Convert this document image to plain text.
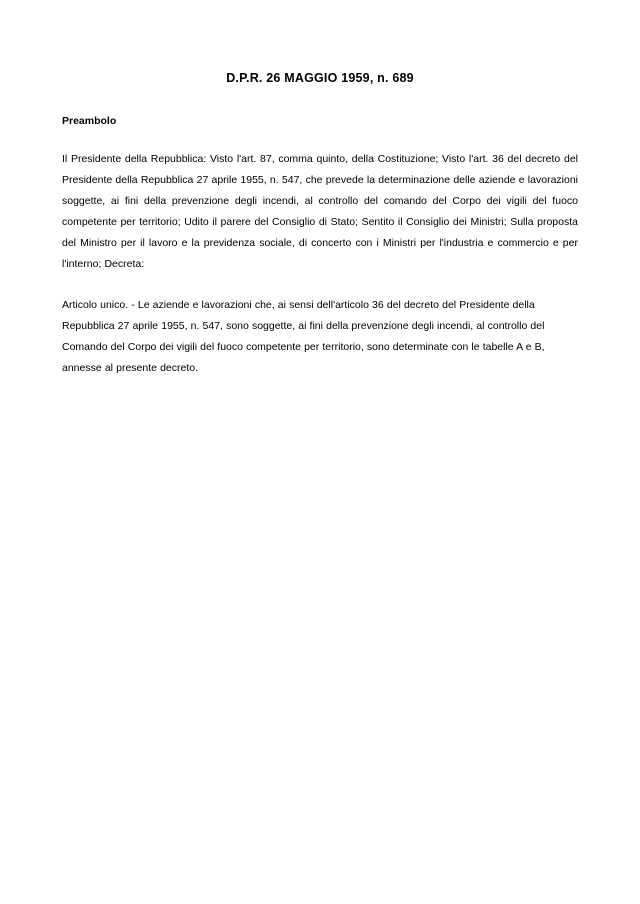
D.P.R. 26 MAGGIO 1959, n. 689
Preambolo

Il Presidente della Repubblica: Visto l'art. 87, comma quinto, della Costituzione; Visto l'art. 36 del decreto del Presidente della Repubblica 27 aprile 1955, n. 547, che prevede la determinazione delle aziende e lavorazioni soggette, ai fini della prevenzione degli incendi, al controllo del comando del Corpo dei vigili del fuoco competente per territorio; Udito il parere del Consiglio di Stato; Sentito il Consiglio dei Ministri; Sulla proposta del Ministro per il lavoro e la previdenza sociale, di concerto con i Ministri per l'industria e commercio e per l'interno; Decreta:

Articolo unico. - Le aziende e lavorazioni che, ai sensi dell'articolo 36 del decreto del Presidente della Repubblica 27 aprile 1955, n. 547, sono soggette, ai fini della prevenzione degli incendi, al controllo del Comando del Corpo dei vigili del fuoco competente per territorio, sono determinate con le tabelle A e B, annesse al presente decreto.
